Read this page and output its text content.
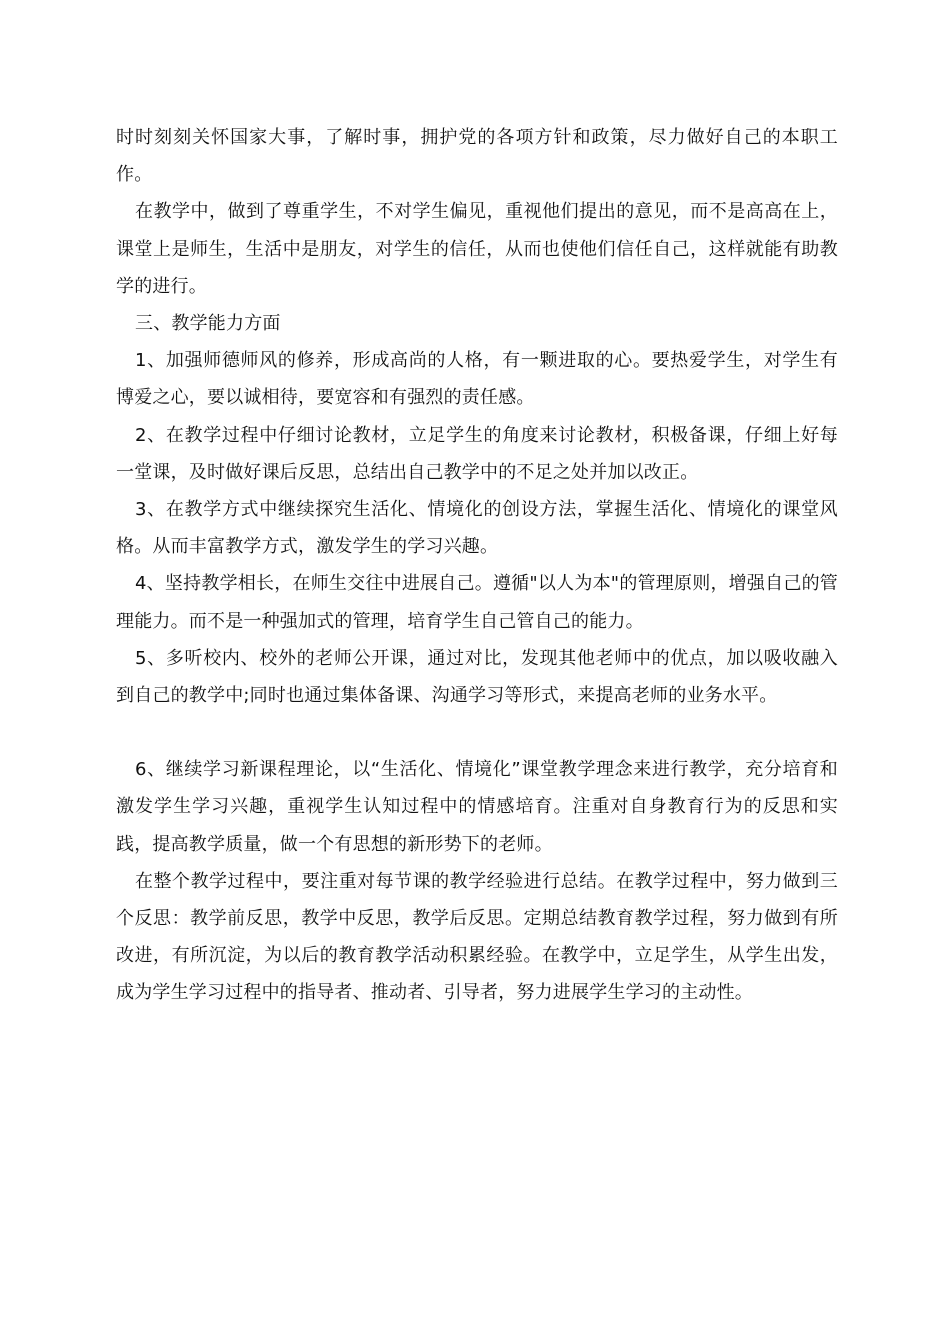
时时刻刻关怀国家大事，了解时事，拥护党的各项方针和政策，尽力做好自己的本职工作。

在教学中，做到了尊重学生，不对学生偏见，重视他们提出的意见，而不是高高在上，课堂上是师生，生活中是朋友，对学生的信任，从而也使他们信任自己，这样就能有助教学的进行。

三、教学能力方面

1、加强师德师风的修养，形成高尚的人格，有一颗进取的心。要热爱学生，对学生有博爱之心，要以诚相待，要宽容和有强烈的责任感。

2、在教学过程中仔细讨论教材，立足学生的角度来讨论教材，积极备课，仔细上好每一堂课，及时做好课后反思，总结出自己教学中的不足之处并加以改正。

3、在教学方式中继续探究生活化、情境化的创设方法，掌握生活化、情境化的课堂风格。从而丰富教学方式，激发学生的学习兴趣。

4、坚持教学相长，在师生交往中进展自己。遵循"以人为本"的管理原则，增强自己的管理能力。而不是一种强加式的管理，培育学生自己管自己的能力。

5、多听校内、校外的老师公开课，通过对比，发现其他老师中的优点，加以吸收融入到自己的教学中;同时也通过集体备课、沟通学习等形式，来提高老师的业务水平。

6、继续学习新课程理论，以“生活化、情境化”课堂教学理念来进行教学，充分培育和激发学生学习兴趣，重视学生认知过程中的情感培育。注重对自身教育行为的反思和实践，提高教学质量，做一个有思想的新形势下的老师。

在整个教学过程中，要注重对每节课的教学经验进行总结。在教学过程中，努力做到三个反思：教学前反思，教学中反思，教学后反思。定期总结教育教学过程，努力做到有所改进，有所沉淀，为以后的教育教学活动积累经验。在教学中，立足学生，从学生出发，成为学生学习过程中的指导者、推动者、引导者，努力进展学生学习的主动性。
